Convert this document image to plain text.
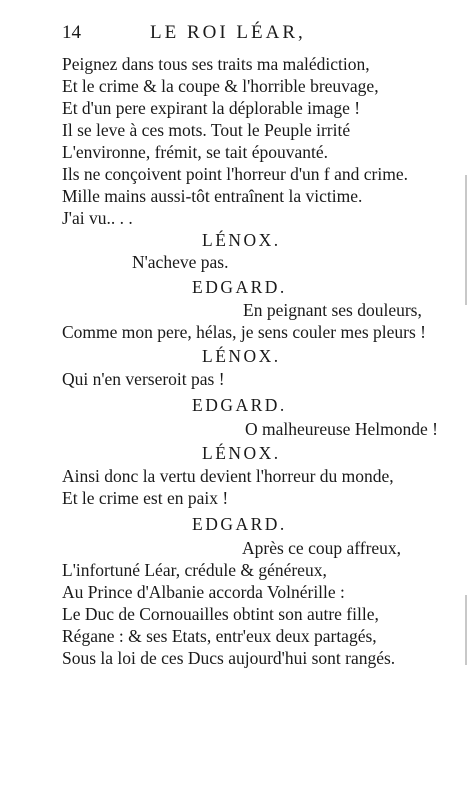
14	LE ROI LÉAR,
Peignez dans tous ses traits ma malédiction,
Et le crime & la coupe & l'horrible breuvage,
Et d'un pere expirant la déplorable image !
Il se leve à ces mots. Tout le Peuple irrité
L'environne, frémit, se tait épouvanté.
Ils ne conçoivent point l'horreur d'un f and crime.
Mille mains aussi-tôt entraînent la victime.
J'ai vu.. . .
LÉNOX.
N'acheve pas.
EDGARD.
En peignant ses douleurs,
Comme mon pere, hélas, je sens couler mes pleurs !
LÉNOX.
Qui n'en verseroit pas !
EDGARD.
O malheureuse Helmonde !
LÉNOX.
Ainsi donc la vertu devient l'horreur du monde,
Et le crime est en paix !
EDGARD.
Après ce coup affreux,
L'infortuné Léar, crédule & généreux,
Au Prince d'Albanie accorda Volnérille :
Le Duc de Cornouailles obtint son autre fille,
Régane : & ses Etats, entr'eux deux partagés,
Sous la loi de ces Ducs aujourd'hui sont rangés.
